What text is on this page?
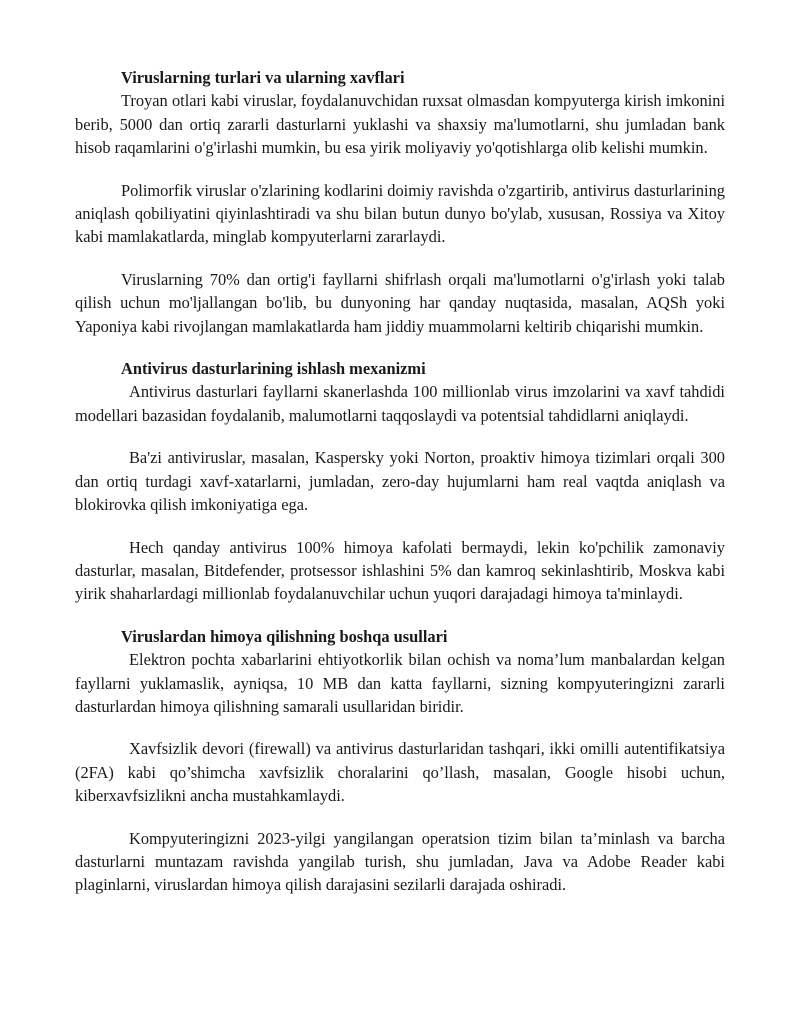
Viruslarning turlari va ularning xavflari

Troyan otlari kabi viruslar, foydalanuvchidan ruxsat olmasdan kompyuterga kirish imkonini berib, 5000 dan ortiq zararli dasturlarni yuklashi va shaxsiy ma'lumotlarni, shu jumladan bank hisob raqamlarini o'g'irlashi mumkin, bu esa yirik moliyaviy yo'qotishlarga olib kelishi mumkin.

Polimorfik viruslar o'zlarining kodlarini doimiy ravishda o'zgartirib, antivirus dasturlarining aniqlash qobiliyatini qiyinlashtiradi va shu bilan butun dunyo bo'ylab, xususan, Rossiya va Xitoy kabi mamlakatlarda, minglab kompyuterlarni zararlaydi.

Viruslarning 70% dan ortig'i fayllarni shifrlash orqali ma'lumotlarni o'g'irlash yoki talab qilish uchun mo'ljallangan bo'lib, bu dunyoning har qanday nuqtasida, masalan, AQSh yoki Yaponiya kabi rivojlangan mamlakatlarda ham jiddiy muammolarni keltirib chiqarishi mumkin.

Antivirus dasturlarining ishlash mexanizmi

Antivirus dasturlari fayllarni skanerlashda 100 millionlab virus imzolarini va xavf tahdidi modellari bazasidan foydalanib, malumotlarni taqqoslaydi va potentsial tahdidlarni aniqlaydi.

Ba'zi antiviruslar, masalan, Kaspersky yoki Norton, proaktiv himoya tizimlari orqali 300 dan ortiq turdagi xavf-xatarlarni, jumladan, zero-day hujumlarni ham real vaqtda aniqlash va blokirovka qilish imkoniyatiga ega.

Hech qanday antivirus 100% himoya kafolati bermaydi, lekin ko'pchilik zamonaviy dasturlar, masalan, Bitdefender, protsessor ishlashini 5% dan kamroq sekinlashtirib, Moskva kabi yirik shaharlardagi millionlab foydalanuvchilar uchun yuqori darajadagi himoya ta'minlaydi.

Viruslardan himoya qilishning boshqa usullari

Elektron pochta xabarlarini ehtiyotkorlik bilan ochish va noma’lum manbalardan kelgan fayllarni yuklamaslik, ayniqsa, 10 MB dan katta fayllarni, sizning kompyuteringizni zararli dasturlardan himoya qilishning samarali usullaridan biridir.

Xavfsizlik devori (firewall) va antivirus dasturlaridan tashqari, ikki omilli autentifikatsiya (2FA) kabi qo’shimcha xavfsizlik choralarini qo’llash, masalan, Google hisobi uchun, kiberxavfsizlikni ancha mustahkamlaydi.

Kompyuteringizni 2023-yilgi yangilangan operatsion tizim bilan ta’minlash va barcha dasturlarni muntazam ravishda yangilab turish, shu jumladan, Java va Adobe Reader kabi plaginlarni, viruslardan himoya qilish darajasini sezilarli darajada oshiradi.
